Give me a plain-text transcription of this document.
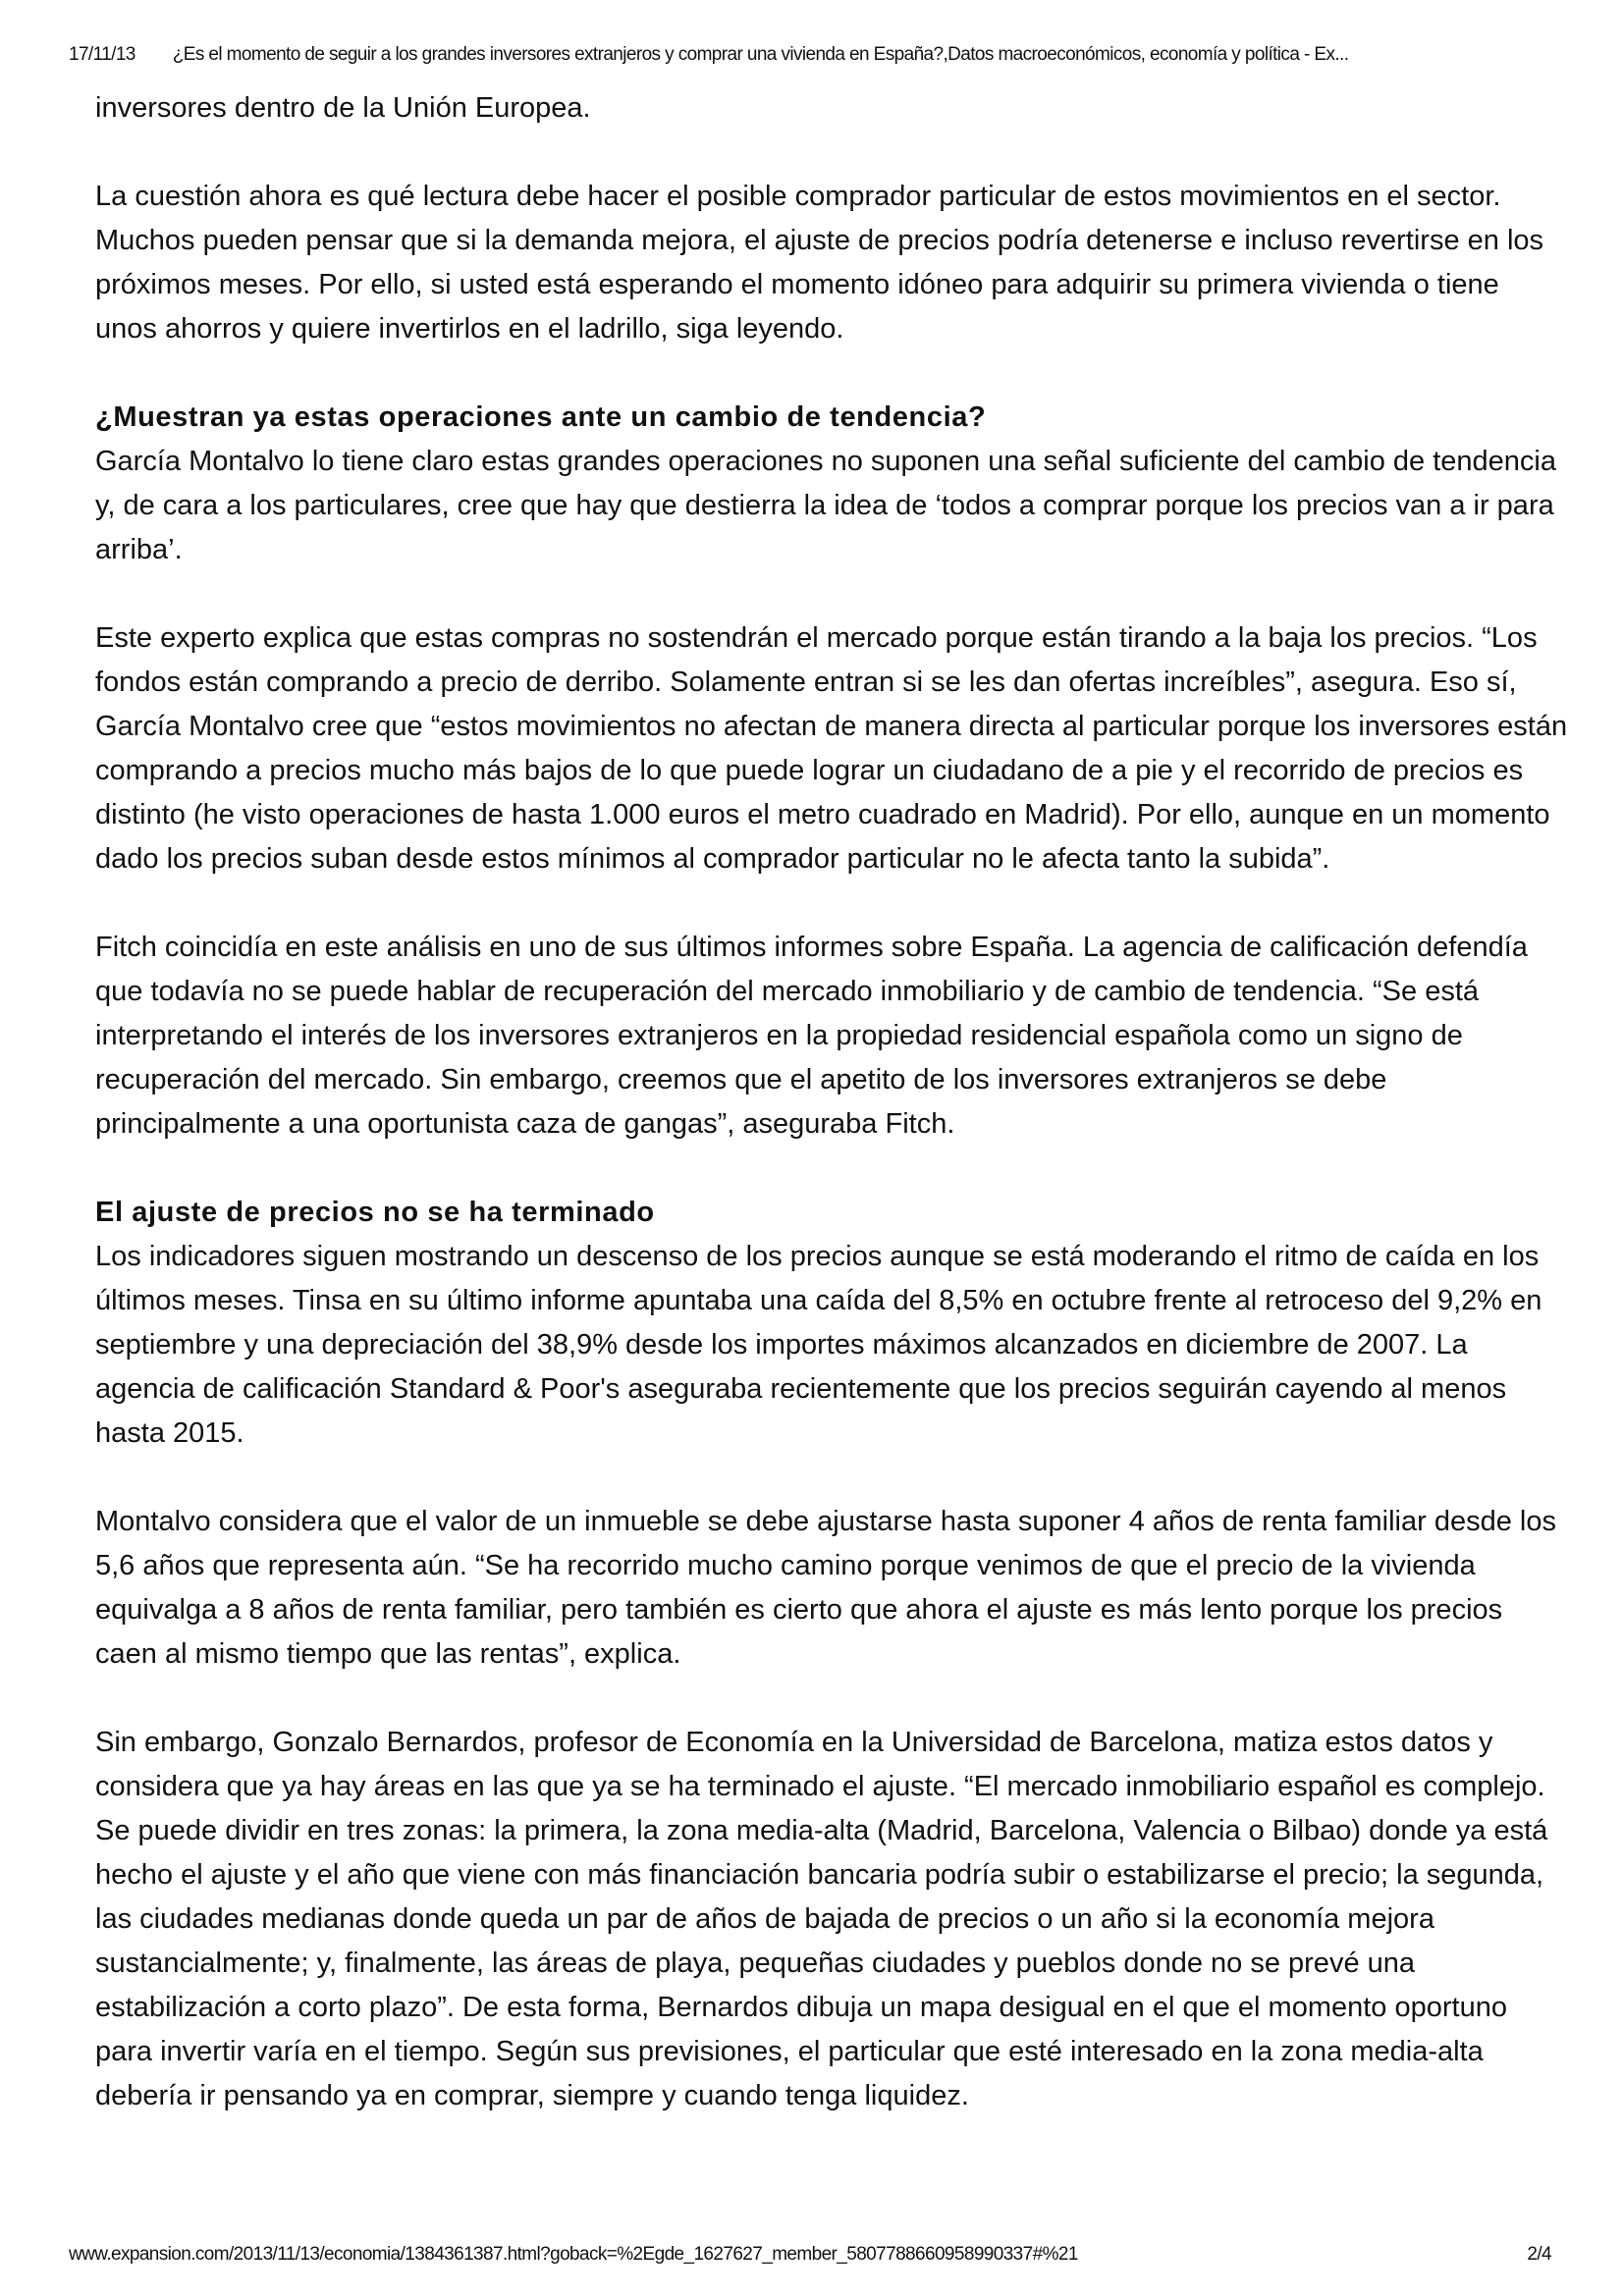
17/11/13 ¿Es el momento de seguir a los grandes inversores extranjeros y comprar una vivienda en España?,Datos macroeconómicos, economía y política - Ex...

inversores dentro de la Unión Europea.

La cuestión ahora es qué lectura debe hacer el posible comprador particular de estos movimientos en el sector. Muchos pueden pensar que si la demanda mejora, el ajuste de precios podría detenerse e incluso revertirse en los próximos meses. Por ello, si usted está esperando el momento idóneo para adquirir su primera vivienda o tiene unos ahorros y quiere invertirlos en el ladrillo, siga leyendo.

¿Muestran ya estas operaciones ante un cambio de tendencia?

García Montalvo lo tiene claro estas grandes operaciones no suponen una señal suficiente del cambio de tendencia y, de cara a los particulares, cree que hay que destierra la idea de ‘todos a comprar porque los precios van a ir para arriba’.

Este experto explica que estas compras no sostendrán el mercado porque están tirando a la baja los precios. “Los fondos están comprando a precio de derribo. Solamente entran si se les dan ofertas increíbles”, asegura. Eso sí, García Montalvo cree que “estos movimientos no afectan de manera directa al particular porque los inversores están comprando a precios mucho más bajos de lo que puede lograr un ciudadano de a pie y el recorrido de precios es distinto (he visto operaciones de hasta 1.000 euros el metro cuadrado en Madrid). Por ello, aunque en un momento dado los precios suban desde estos mínimos al comprador particular no le afecta tanto la subida”.

Fitch coincidía en este análisis en uno de sus últimos informes sobre España. La agencia de calificación defendía que todavía no se puede hablar de recuperación del mercado inmobiliario y de cambio de tendencia. “Se está interpretando el interés de los inversores extranjeros en la propiedad residencial española como un signo de recuperación del mercado. Sin embargo, creemos que el apetito de los inversores extranjeros se debe principalmente a una oportunista caza de gangas”, aseguraba Fitch.

El ajuste de precios no se ha terminado

Los indicadores siguen mostrando un descenso de los precios aunque se está moderando el ritmo de caída en los últimos meses. Tinsa en su último informe apuntaba una caída del 8,5% en octubre frente al retroceso del 9,2% en septiembre y una depreciación del 38,9% desde los importes máximos alcanzados en diciembre de 2007. La agencia de calificación Standard & Poor's aseguraba recientemente que los precios seguirán cayendo al menos hasta 2015.

Montalvo considera que el valor de un inmueble se debe ajustarse hasta suponer 4 años de renta familiar desde los 5,6 años que representa aún. “Se ha recorrido mucho camino porque venimos de que el precio de la vivienda equivalga a 8 años de renta familiar, pero también es cierto que ahora el ajuste es más lento porque los precios caen al mismo tiempo que las rentas”, explica.

Sin embargo, Gonzalo Bernardos, profesor de Economía en la Universidad de Barcelona, matiza estos datos y considera que ya hay áreas en las que ya se ha terminado el ajuste. “El mercado inmobiliario español es complejo. Se puede dividir en tres zonas: la primera, la zona media-alta (Madrid, Barcelona, Valencia o Bilbao) donde ya está hecho el ajuste y el año que viene con más financiación bancaria podría subir o estabilizarse el precio; la segunda, las ciudades medianas donde queda un par de años de bajada de precios o un año si la economía mejora sustancialmente; y, finalmente, las áreas de playa, pequeñas ciudades y pueblos donde no se prevé una estabilización a corto plazo”. De esta forma, Bernardos dibuja un mapa desigual en el que el momento oportuno para invertir varía en el tiempo. Según sus previsiones, el particular que esté interesado en la zona media-alta debería ir pensando ya en comprar, siempre y cuando tenga liquidez.

www.expansion.com/2013/11/13/economia/1384361387.html?goback=%2Egde_1627627_member_5807788660958990337#%21	2/4
